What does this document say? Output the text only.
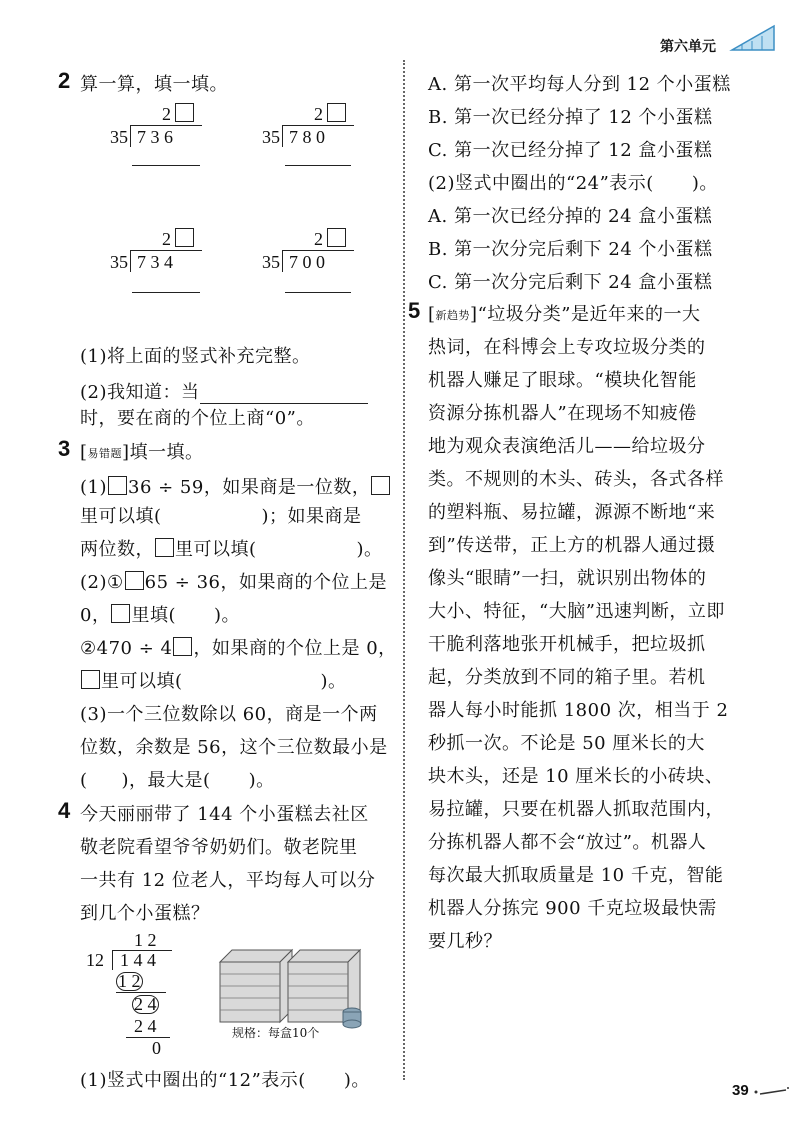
第六单元
2 算一算，填一填。
2
35 7 3 6
2
35 7 8 0
2
35 7 3 4
2
35 7 0 0
(1)将上面的竖式补充完整。
(2)我知道：当
时，要在商的个位上商“0”。
3 [易错题]填一填。
(1) 36 ÷ 59，如果商是一位数，
里可以填(	)；如果商是
两位数， 里可以填(	)。
(2)① 65 ÷ 36，如果商的个位上是
0， 里填( )。
②470 ÷ 4 ，如果商的个位上是 0，
里可以填(	)。
(3)一个三位数除以 60，商是一个两
位数，余数是 56，这个三位数最小是
( )，最大是( )。
4 今天丽丽带了 144 个小蛋糕去社区
敬老院看望爷爷奶奶们。敬老院里
一共有 12 位老人，平均每人可以分
到几个小蛋糕？
1 2
12 1 4 4
1 2
2 4
2 4
0
规格：每盒10个
(1)竖式中圈出的“12”表示( )。
A. 第一次平均每人分到 12 个小蛋糕
B. 第一次已经分掉了 12 个小蛋糕
C. 第一次已经分掉了 12 盒小蛋糕
(2)竖式中圈出的“24”表示( )。
A. 第一次已经分掉的 24 盒小蛋糕
B. 第一次分完后剩下 24 个小蛋糕
C. 第一次分完后剩下 24 盒小蛋糕
5 [新趋势]“垃圾分类”是近年来的一大
热词，在科博会上专攻垃圾分类的
机器人赚足了眼球。“模块化智能
资源分拣机器人”在现场不知疲倦
地为观众表演绝活儿——给垃圾分
类。不规则的木头、砖头，各式各样
的塑料瓶、易拉罐，源源不断地“来
到”传送带，正上方的机器人通过摄
像头“眼睛”一扫，就识别出物体的
大小、特征，“大脑”迅速判断，立即
干脆利落地张开机械手，把垃圾抓
起，分类放到不同的箱子里。若机
器人每小时能抓 1800 次，相当于 2
秒抓一次。不论是 50 厘米长的大
块木头，还是 10 厘米长的小砖块、
易拉罐，只要在机器人抓取范围内，
分拣机器人都不会“放过”。机器人
每次最大抓取质量是 10 千克，智能
机器人分拣完 900 千克垃圾最快需
要几秒？
39
